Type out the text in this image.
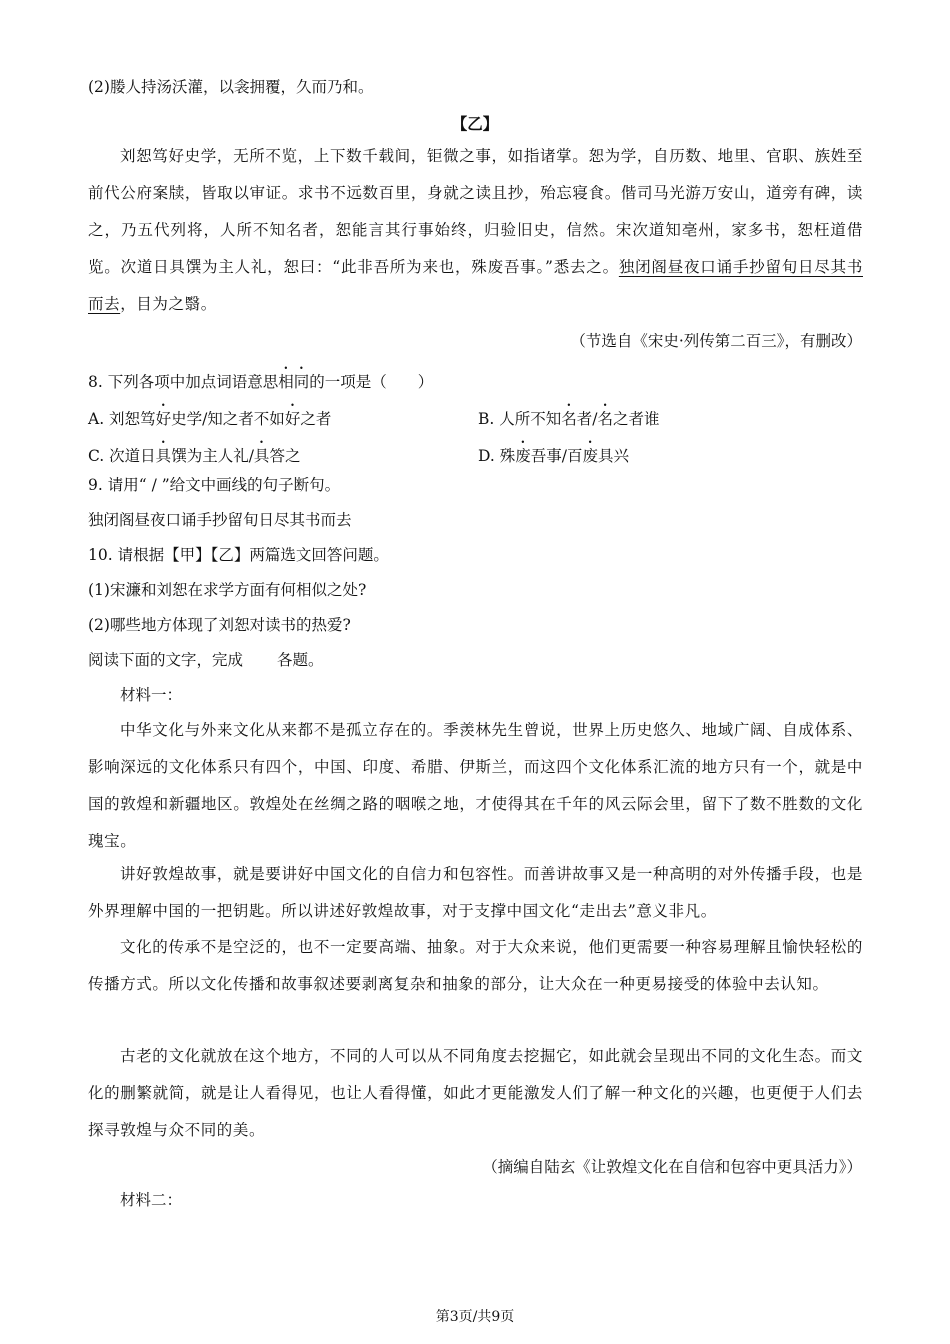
(2)媵人持汤沃灌，以衾拥覆，久而乃和。
【乙】
刘恕笃好史学，无所不览，上下数千载间，钜微之事，如指诸掌。恕为学，自历数、地里、官职、族姓至前代公府案牍，皆取以审证。求书不远数百里，身就之读且抄，殆忘寝食。偕司马光游万安山，道旁有碑，读之，乃五代列将，人所不知名者，恕能言其行事始终，归验旧史，信然。宋次道知亳州，家多书，恕枉道借览。次道日具馔为主人礼，恕曰：“此非吾所为来也，殊废吾事。”悉去之。独闭阁昼夜口诵手抄留旬日尽其书而去，目为之翳。
（节选自《宋史·列传第二百三》，有删改）
8. 下列各项中加点词语意思相同的一项是（　　）
A. 刘恕笃好史学/知之者不如好之者	B. 人所不知名者/名之者谁
C. 次道日具馔为主人礼/具答之	D. 殊废吾事/百废具兴
9. 请用“ / ”给文中画线的句子断句。
独闭阁昼夜口诵手抄留旬日尽其书而去
10. 请根据【甲】【乙】两篇选文回答问题。
(1)宋濂和刘恕在求学方面有何相似之处?
(2)哪些地方体现了刘恕对读书的热爱?
阅读下面的文字，完成 各题。
材料一：
中华文化与外来文化从来都不是孤立存在的。季羡林先生曾说，世界上历史悠久、地域广阔、自成体系、影响深远的文化体系只有四个，中国、印度、希腊、伊斯兰，而这四个文化体系汇流的地方只有一个，就是中国的敦煌和新疆地区。敦煌处在丝绸之路的咽喉之地，才使得其在千年的风云际会里，留下了数不胜数的文化瑰宝。
讲好敦煌故事，就是要讲好中国文化的自信力和包容性。而善讲故事又是一种高明的对外传播手段，也是外界理解中国的一把钥匙。所以讲述好敦煌故事，对于支撑中国文化“走出去”意义非凡。
文化的传承不是空泛的，也不一定要高端、抽象。对于大众来说，他们更需要一种容易理解且愉快轻松的传播方式。所以文化传播和故事叙述要剥离复杂和抽象的部分，让大众在一种更易接受的体验中去认知。
古老的文化就放在这个地方，不同的人可以从不同角度去挖掘它，如此就会呈现出不同的文化生态。而文化的删繁就简，就是让人看得见，也让人看得懂，如此才更能激发人们了解一种文化的兴趣，也更便于人们去探寻敦煌与众不同的美。
（摘编自陆玄《让敦煌文化在自信和包容中更具活力》）
材料二：
第3页/共9页
